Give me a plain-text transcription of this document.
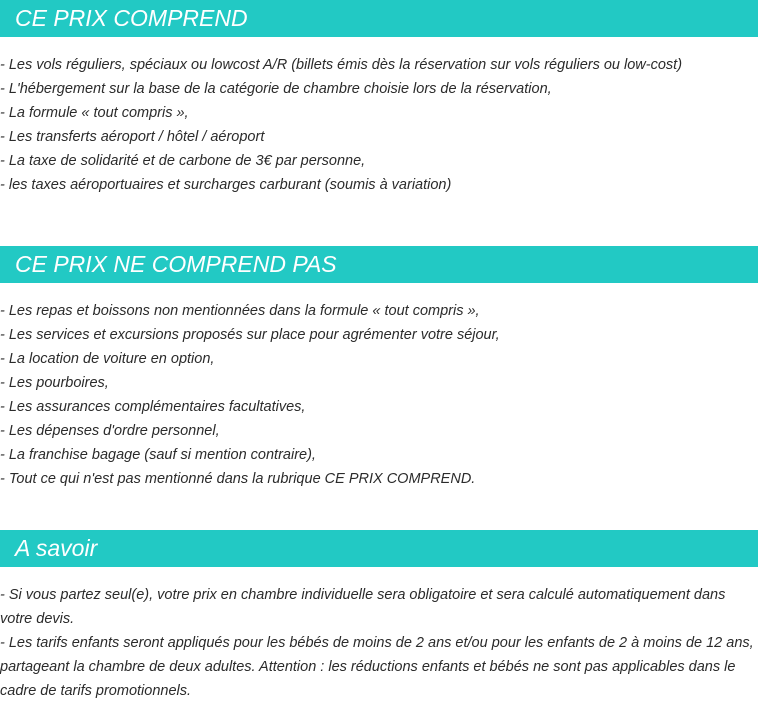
CE PRIX COMPREND
- Les vols réguliers, spéciaux ou lowcost A/R (billets émis dès la réservation sur vols réguliers ou low-cost)
- L'hébergement sur la base de la catégorie de chambre choisie lors de la réservation,
- La formule « tout compris »,
- Les transferts aéroport / hôtel / aéroport
- La taxe de solidarité et de carbone de 3€ par personne,
- les taxes aéroportuaires et surcharges carburant (soumis à variation)
CE PRIX NE COMPREND PAS
- Les repas et boissons non mentionnées dans la formule « tout compris »,
- Les services et excursions proposés sur place pour agrémenter votre séjour,
- La location de voiture en option,
- Les pourboires,
- Les assurances complémentaires facultatives,
- Les dépenses d'ordre personnel,
- La franchise bagage (sauf si mention contraire),
- Tout ce qui n'est pas mentionné dans la rubrique CE PRIX COMPREND.
A savoir
- Si vous partez seul(e), votre prix en chambre individuelle sera obligatoire et sera calculé automatiquement dans votre devis.
- Les tarifs enfants seront appliqués pour les bébés de moins de 2 ans et/ou pour les enfants de 2 à moins de 12 ans, partageant la chambre de deux adultes. Attention : les réductions enfants et bébés ne sont pas applicables dans le cadre de tarifs promotionnels.
